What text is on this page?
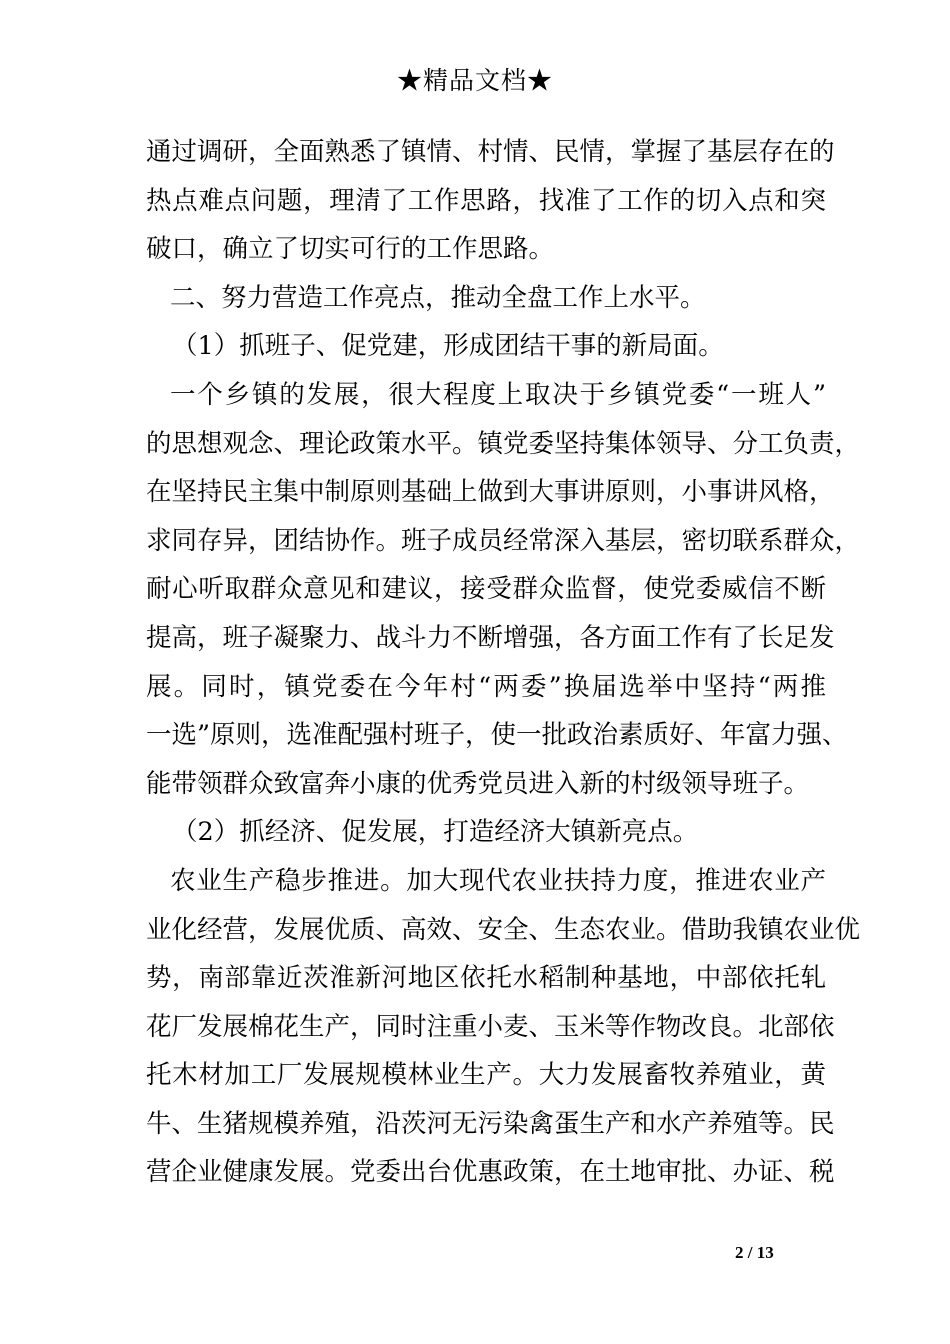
★精品文档★
通过调研，全面熟悉了镇情、村情、民情，掌握了基层存在的
热点难点问题，理清了工作思路，找准了工作的切入点和突
破口，确立了切实可行的工作思路。
二、努力营造工作亮点，推动全盘工作上水平。
（1）抓班子、促党建，形成团结干事的新局面。
一个乡镇的发展，很大程度上取决于乡镇党委“一班人”
的思想观念、理论政策水平。镇党委坚持集体领导、分工负责，
在坚持民主集中制原则基础上做到大事讲原则，小事讲风格，
求同存异，团结协作。班子成员经常深入基层，密切联系群众，
耐心听取群众意见和建议，接受群众监督，使党委威信不断
提高，班子凝聚力、战斗力不断增强，各方面工作有了长足发
展。同时，镇党委在今年村“两委”换届选举中坚持“两推
一选”原则，选准配强村班子，使一批政治素质好、年富力强、
能带领群众致富奔小康的优秀党员进入新的村级领导班子。
（2）抓经济、促发展，打造经济大镇新亮点。
农业生产稳步推进。加大现代农业扶持力度，推进农业产
业化经营，发展优质、高效、安全、生态农业。借助我镇农业优
势，南部靠近茨淮新河地区依托水稻制种基地，中部依托轧
花厂发展棉花生产，同时注重小麦、玉米等作物改良。北部依
托木材加工厂发展规模林业生产。大力发展畜牧养殖业，黄
牛、生猪规模养殖，沿茨河无污染禽蛋生产和水产养殖等。民
营企业健康发展。党委出台优惠政策，在土地审批、办证、税
2 / 13
